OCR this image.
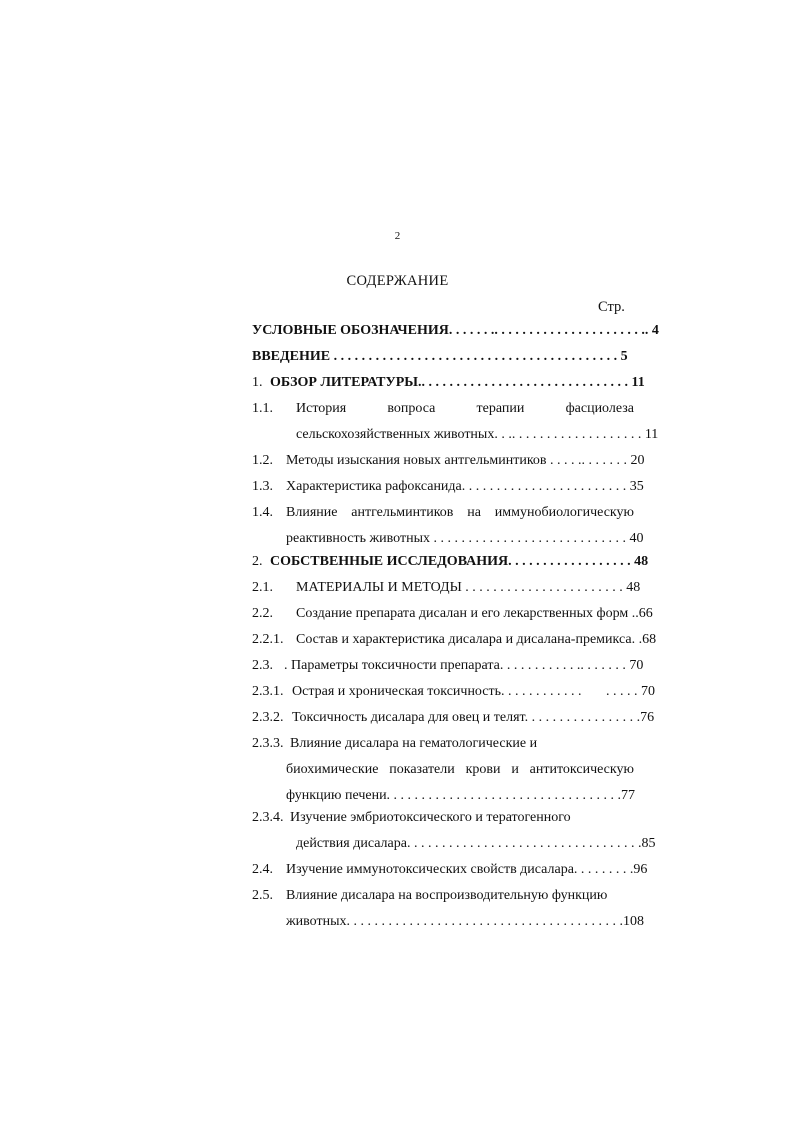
2
СОДЕРЖАНИЕ
Стр.
УСЛОВНЫЕ ОБОЗНАЧЕНИЯ. . . . . . .. . . . . . . . . . . . . . . . . . . . . .. 4
ВВЕДЕНИЕ . . . . . . . . . . . . . . . . . . . . . . . . . . . . . . . . . . . . . . . . . 5
1. ОБЗОР ЛИТЕРАТУРЫ.. . . . . . . . . . . . . . . . . . . . . . . . . . . . . . 11
1.1. История	вопроса	терапии	фасциолеза
сельскохозяйственных животных. . .. . . . . . . . . . . . . . . . . . . 11
1.2. Методы изыскания новых антгельминтиков . . . . .. . . . . . . 20
1.3. Характеристика рафоксанида. . . . . . . . . . . . . . . . . . . . . . . . 35
1.4. Влияние антгельминтиков на иммунобиологическую
реактивность животных . . . . . . . . . . . . . . . . . . . . . . . . . . . . 40
2. СОБСТВЕННЫЕ ИССЛЕДОВАНИЯ. . . . . . . . . . . . . . . . . . 48
2.1. МАТЕРИАЛЫ И МЕТОДЫ . . . . . . . . . . . . . . . . . . . . . . . 48
2.2. Создание препарата дисалан и его лекарственных форм ..66
2.2.1. Состав и характеристика дисалара и дисалана-премикса. .68
2.3. . Параметры токсичности препарата. . . . . . . . . . . .. . . . . . . 70
2.3.1. Острая и хроническая токсичность. . . . . . . . . . . .       . . . . . 70
2.3.2. Токсичность дисалара для овец и телят. . . . . . . . . . . . . . . . .76
2.3.3. Влияние дисалара на гематологические и
биохимические показатели крови и антитоксическую
функцию печени. . . . . . . . . . . . . . . . . . . . . . . . . . . . . . . . . .77
2.3.4. Изучение эмбриотоксического и тератогенного
действия дисалара. . . . . . . . . . . . . . . . . . . . . . . . . . . . . . . . . .85
2.4. Изучение иммунотоксических свойств дисалара. . . . . . . . .96
2.5. Влияние дисалара на воспроизводительную функцию
животных. . . . . . . . . . . . . . . . . . . . . . . . . . . . . . . . . . . . . . . .108
